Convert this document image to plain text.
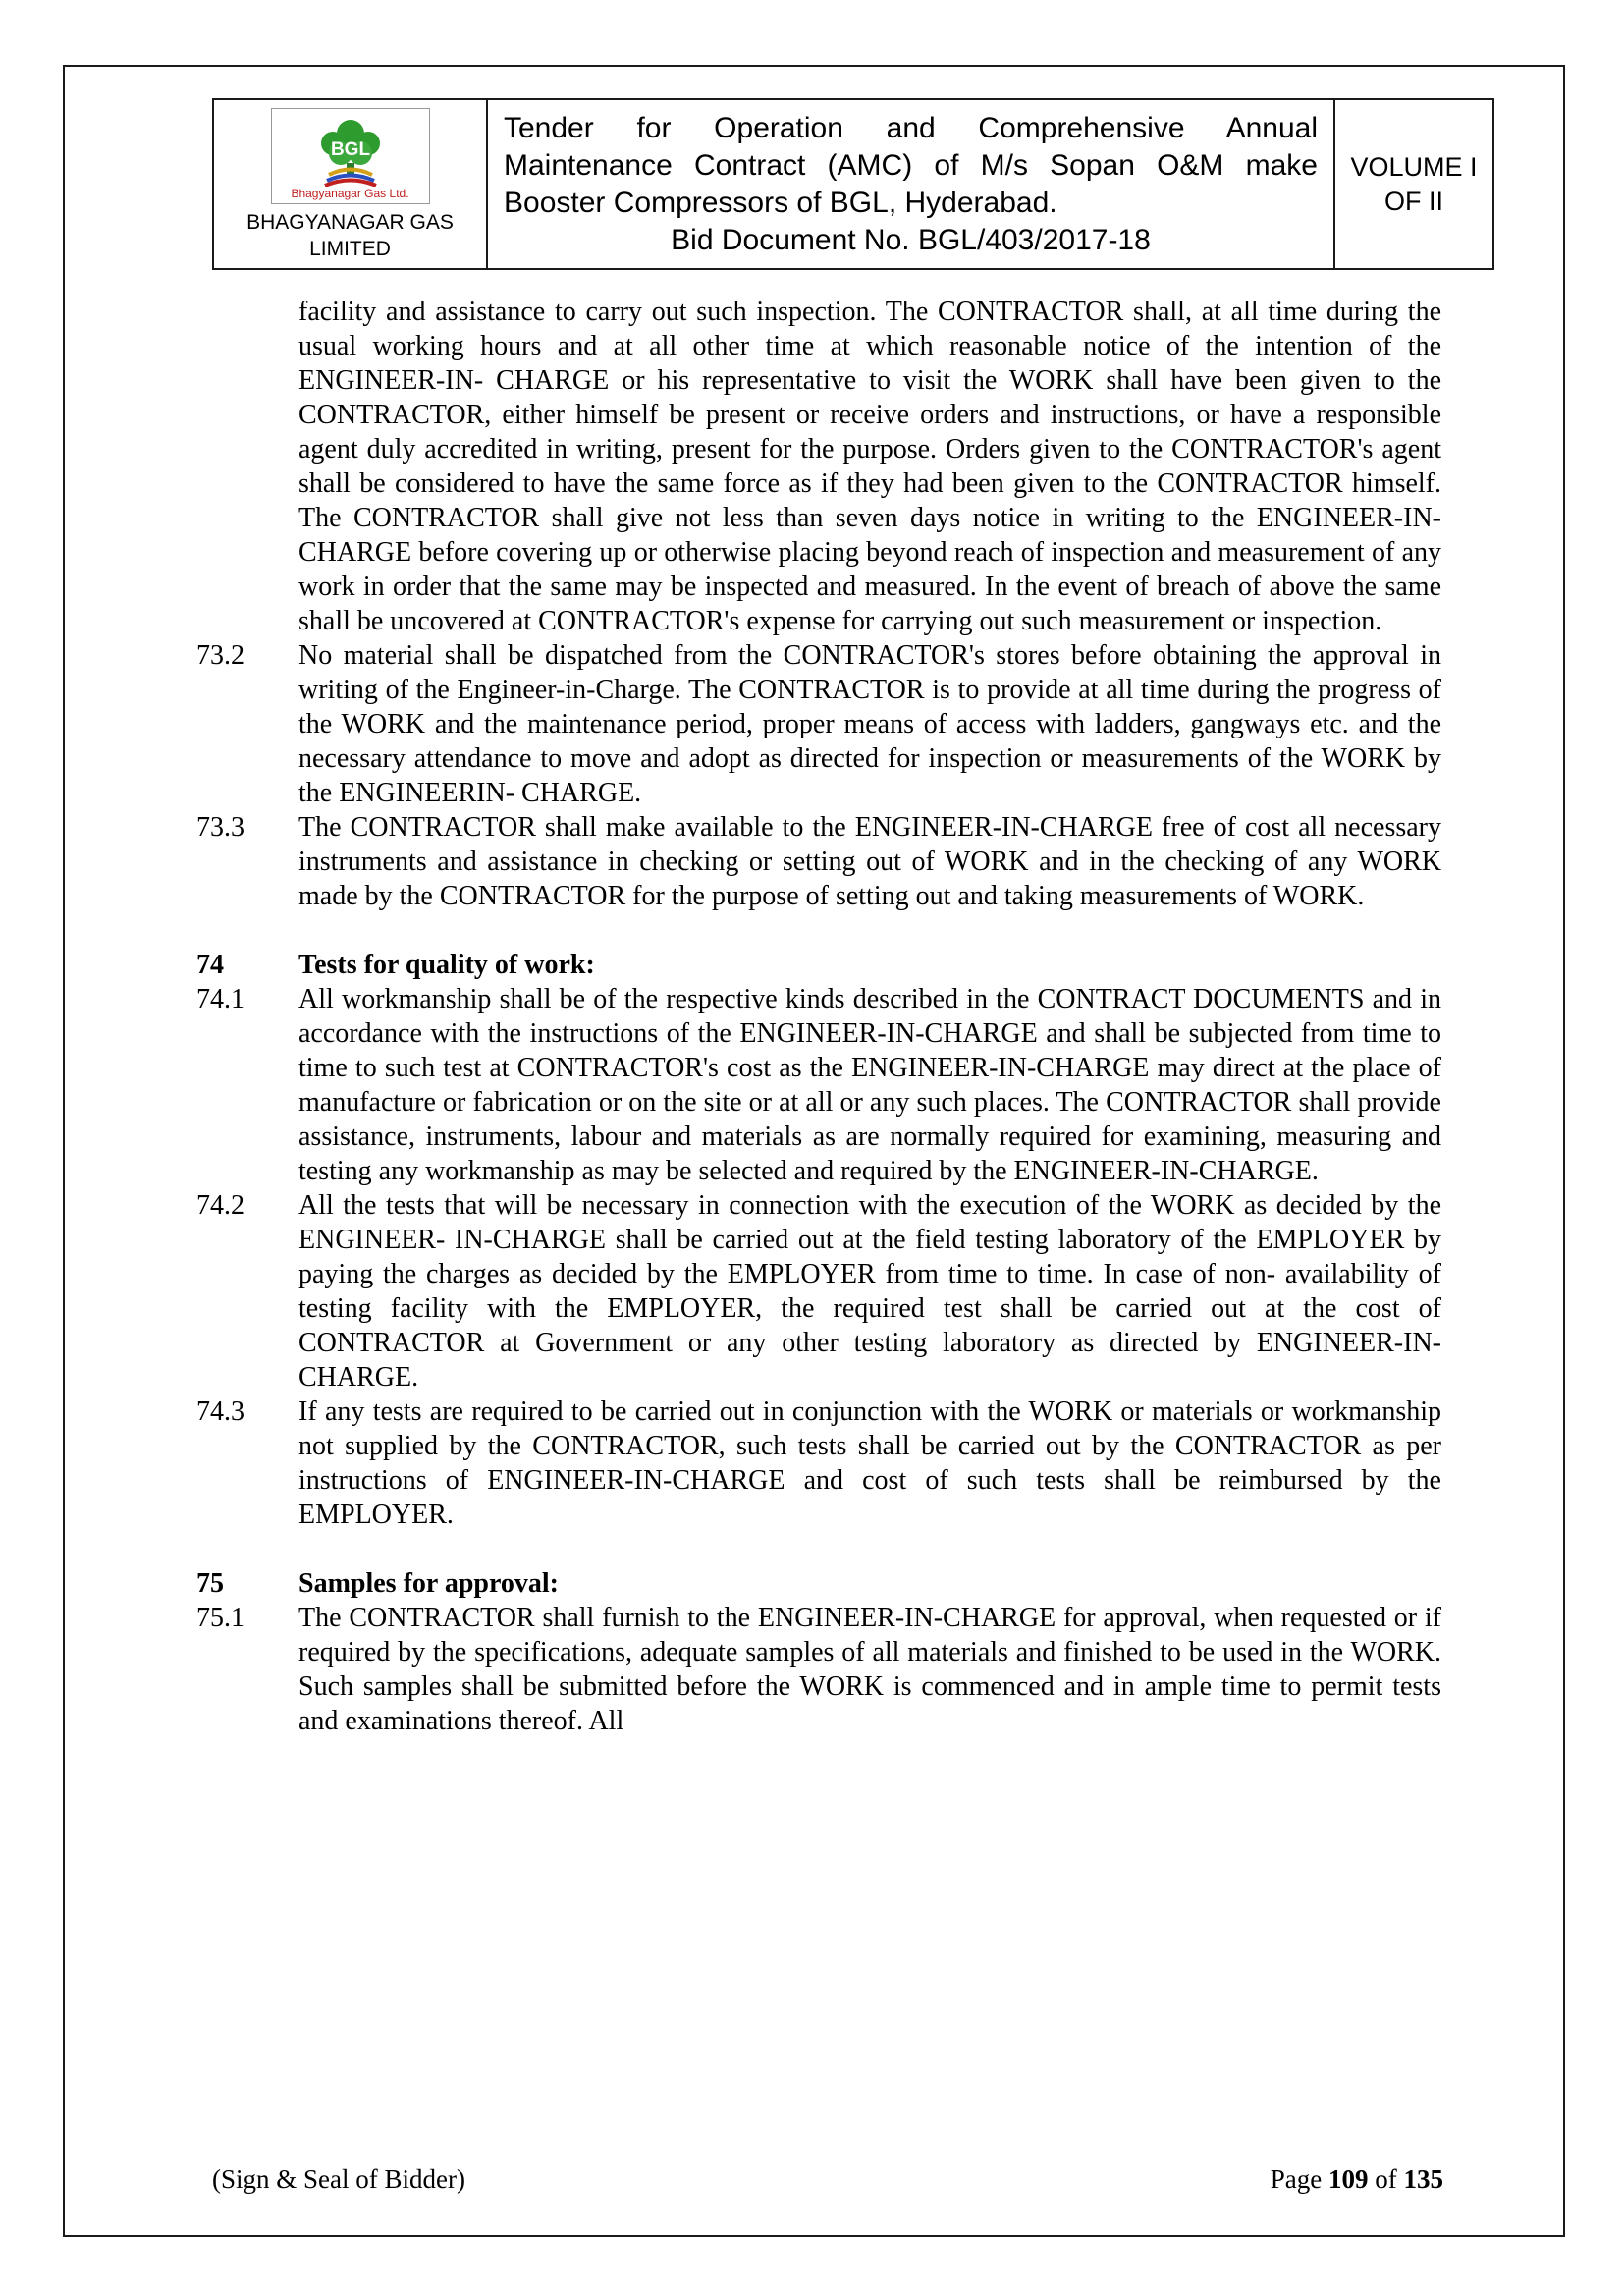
BGL
Bhagyanagar Gas Ltd.
BHAGYANAGAR GAS LIMITED
Tender for Operation and Comprehensive Annual Maintenance Contract (AMC) of M/s Sopan O&M make Booster Compressors of BGL, Hyderabad.
Bid Document No. BGL/403/2017-18
VOLUME I
OF II
facility and assistance to carry out such inspection. The CONTRACTOR shall, at all time during the usual working hours and at all other time at which reasonable notice of the intention of the ENGINEER-IN- CHARGE or his representative to visit the WORK shall have been given to the CONTRACTOR, either himself be present or receive orders and instructions, or have a responsible agent duly accredited in writing, present for the purpose. Orders given to the CONTRACTOR's agent shall be considered to have the same force as if they had been given to the CONTRACTOR himself. The CONTRACTOR shall give not less than seven days notice in writing to the ENGINEER-IN-CHARGE before covering up or otherwise placing beyond reach of inspection and measurement of any work in order that the same may be inspected and measured. In the event of breach of above the same shall be uncovered at CONTRACTOR's expense for carrying out such measurement or inspection.
73.2	No material shall be dispatched from the CONTRACTOR's stores before obtaining the approval in writing of the Engineer-in-Charge. The CONTRACTOR is to provide at all time during the progress of the WORK and the maintenance period, proper means of access with ladders, gangways etc. and the necessary attendance to move and adopt as directed for inspection or measurements of the WORK by the ENGINEERIN- CHARGE.
73.3	The CONTRACTOR shall make available to the ENGINEER-IN-CHARGE free of cost all necessary instruments and assistance in checking or setting out of WORK and in the checking of any WORK made by the CONTRACTOR for the purpose of setting out and taking measurements of WORK.
74	Tests for quality of work:
74.1	All workmanship shall be of the respective kinds described in the CONTRACT DOCUMENTS and in accordance with the instructions of the ENGINEER-IN-CHARGE and shall be subjected from time to time to such test at CONTRACTOR's cost as the ENGINEER-IN-CHARGE may direct at the place of manufacture or fabrication or on the site or at all or any such places. The CONTRACTOR shall provide assistance, instruments, labour and materials as are normally required for examining, measuring and testing any workmanship as may be selected and required by the ENGINEER-IN-CHARGE.
74.2	All the tests that will be necessary in connection with the execution of the WORK as decided by the ENGINEER- IN-CHARGE shall be carried out at the field testing laboratory of the EMPLOYER by paying the charges as decided by the EMPLOYER from time to time. In case of non- availability of testing facility with the EMPLOYER, the required test shall be carried out at the cost of CONTRACTOR at Government or any other testing laboratory as directed by ENGINEER-IN-CHARGE.
74.3	If any tests are required to be carried out in conjunction with the WORK or materials or workmanship not supplied by the CONTRACTOR, such tests shall be carried out by the CONTRACTOR as per instructions of ENGINEER-IN-CHARGE and cost of such tests shall be reimbursed by the EMPLOYER.
75	Samples for approval:
75.1	The CONTRACTOR shall furnish to the ENGINEER-IN-CHARGE for approval, when requested or if required by the specifications, adequate samples of all materials and finished to be used in the WORK. Such samples shall be submitted before the WORK is commenced and in ample time to permit tests and examinations thereof. All
(Sign & Seal of Bidder)	Page 109 of 135
